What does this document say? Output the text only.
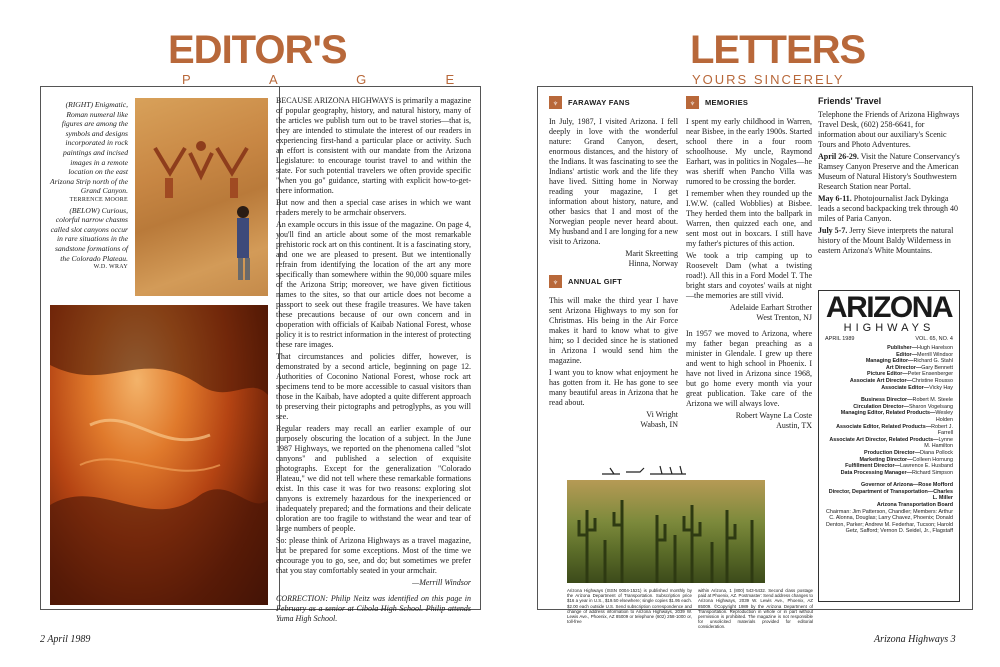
EDITOR'S
P  A  G  E
(RIGHT) Enigmatic, Roman numeral like figures are among the symbols and designs incorporated in rock paintings and incised images in a remote location on the east Arizona Strip north of the Grand Canyon.
TERRENCE MOORE
(BELOW) Curious, colorful narrow chasms called slot canyons occur in rare situations in the sandstone formations of the Colorado Plateau.
W.D. WRAY

BECAUSE ARIZONA HIGHWAYS is primarily a magazine of popular geography, history, and natural history, many of the articles we publish turn out to be travel stories—that is, they are intended to stimulate the interest of our readers in experiencing first-hand a particular place or activity. Such an effort is consistent with our mandate from the Arizona Legislature: to encourage tourist travel to and within the state. For such potential travelers we often provide specific "when you go" guidance, starting with explicit how-to-get-there information.

But now and then a special case arises in which we want readers merely to be armchair observers.

An example occurs in this issue of the magazine. On page 4, you'll find an article about some of the most remarkable prehistoric rock art on this continent. It is a fascinating story, and one we are pleased to present. But we intentionally refrain from identifying the location of the art any more specifically than somewhere within the 90,000 square miles of the Arizona Strip; moreover, we have given fictitious names to the sites, so that our article does not become a passport to seek out these fragile treasures. We have taken these precautions because of our own concern and in cooperation with officials of Kaibab National Forest, whose policy it is to restrict information in the interest of protecting these rare images.

That circumstances and policies differ, however, is demonstrated by a second article, beginning on page 12. Authorities of Coconino National Forest, whose rock art specimens tend to be more accessible to casual visitors than those in the Kaibab, have adopted a quite different approach to preserving their pictographs and petroglyphs, as you will see.

Regular readers may recall an earlier example of our purposely obscuring the location of a subject. In the June 1987 Highways, we reported on the phenomena called "slot canyons" and published a selection of exquisite photographs. Except for the generalization "Colorado Plateau," we did not tell where these remarkable formations exist. In this case it was for two reasons: exploring slot canyons is extremely hazardous for the inexperienced or inadequately prepared; and the formations and their delicate coloration are too fragile to withstand the wear and tear of large numbers of people.

So: please think of Arizona Highways as a travel magazine, but be prepared for some exceptions. Most of the time we encourage you to go, see, and do; but sometimes we prefer that you stay comfortably seated in your armchair.

—Merrill Windsor

CORRECTION: Philip Neitz was identified on this page in February as a senior at Cibola High School. Philip attends Yuma High School.

2 April 1989
LETTERS
YOURS SINCERELY
♆	FARAWAY FANS

In July, 1987, I visited Arizona. I fell deeply in love with the wonderful nature: Grand Canyon, desert, enormous distances, and the history of the Indians. It was fascinating to see the Indians' artistic work and the life they have lived. Sitting home in Norway reading your magazine, I get information about history, nature, and other basics that I and most of the Norwegian people never heard about. My husband and I are longing for a new visit to Arizona.

Marit Skreetting
Hinna, Norway
♆	ANNUAL GIFT

This will make the third year I have sent Arizona Highways to my son for Christmas. His being in the Air Force makes it hard to know what to give him; so I decided since he is stationed in Arizona I would send him the magazine.

I want you to know what enjoyment he has gotten from it. He has gone to see many beautiful areas in Arizona that he read about.

Vi Wright
Wabash, IN
♆	MEMORIES

I spent my early childhood in Warren, near Bisbee, in the early 1900s. Started school there in a four room schoolhouse. My uncle, Raymond Earhart, was in politics in Nogales—he was sheriff when Pancho Villa was rumored to be crossing the border.

I remember when they rounded up the I.W.W. (called Wobblies) at Bisbee. They herded them into the ballpark in Warren, then quizzed each one, and sent most out in boxcars. I still have my father's pictures of this action.

We took a trip camping up to Roosevelt Dam (what a twisting road!). All this in a Ford Model T. The bright stars and coyotes' wails at night—the memories are still vivid.

Adelaide Earhart Strother
West Trenton, NJ

In 1957 we moved to Arizona, where my father began preaching as a minister in Glendale. I grew up there and went to high school in Phoenix. I have not lived in Arizona since 1968, but go home every month via your great publication. Take care of the Arizona we will always love.

Robert Wayne La Coste
Austin, TX
Friends' Travel

Telephone the Friends of Arizona Highways Travel Desk, (602) 258-6641, for information about our auxiliary's Scenic Tours and Photo Adventures.

April 26-29. Visit the Nature Conservancy's Ramsey Canyon Preserve and the American Museum of Natural History's Southwestern Research Station near Portal.

May 6-11. Photojournalist Jack Dykinga leads a second backpacking trek through 40 miles of Paria Canyon.

July 5-7. Jerry Sieve interprets the natural history of the Mount Baldy Wilderness in eastern Arizona's White Mountains.

ARIZONA
HIGHWAYS
APRIL 1989	VOL. 65, NO. 4
Publisher—Hugh Harelson
Editor—Merrill Windsor
Managing Editor—Richard G. Stahl
Art Director—Gary Bennett
Picture Editor—Peter Ensenberger
Associate Art Director—Christine Rousso
Associate Editor—Vicky Hay
Business Director—Robert M. Steele
Circulation Director—Sharon Vogelsang
Managing Editor, Related Products—Wesley Holden
Associate Editor, Related Products—Robert J. Farrell
Associate Art Director, Related Products—Lynne M. Hamilton
Production Director—Diana Pollock
Marketing Director—Colleen Hornung
Fulfillment Director—Lawrence E. Husband
Data Processing Manager—Richard Simpson
Governor of Arizona—Rose Mofford
Director, Department of Transportation—Charles L. Miller
Arizona Transportation Board
Chairman: Jim Patterson, Chandler; Members: Arthur C. Alonna, Douglas; Larry Chavez, Phoenix; Donald Denton, Parker; Andrew M. Federhar, Tucson; Harold Getz, Safford; Vernon D. Seidel, Jr., Flagstaff
Arizona Highways (ISSN 0004-1521) is published monthly by the Arizona Department of Transportation. Subscription price $16 a year in U.S., $19.50 elsewhere; single copies $1.95 each. $2.00 each outside U.S. Send subscription correspondence and change of address information to Arizona Highways, 2039 W. Lewis Ave., Phoenix, AZ 85009 or telephone (602) 258-1000 or, toll-free
within Arizona, 1 (800) 543-5432. Second class postage paid at Phoenix, AZ. Postmaster: Send address changes to Arizona Highways, 2039 W. Lewis Ave., Phoenix, AZ 85009. ©Copyright 1989 by the Arizona Department of Transportation. Reproduction in whole or in part without permission is prohibited. The magazine is not responsible for unsolicited materials provided for editorial consideration.
Arizona Highways 3
